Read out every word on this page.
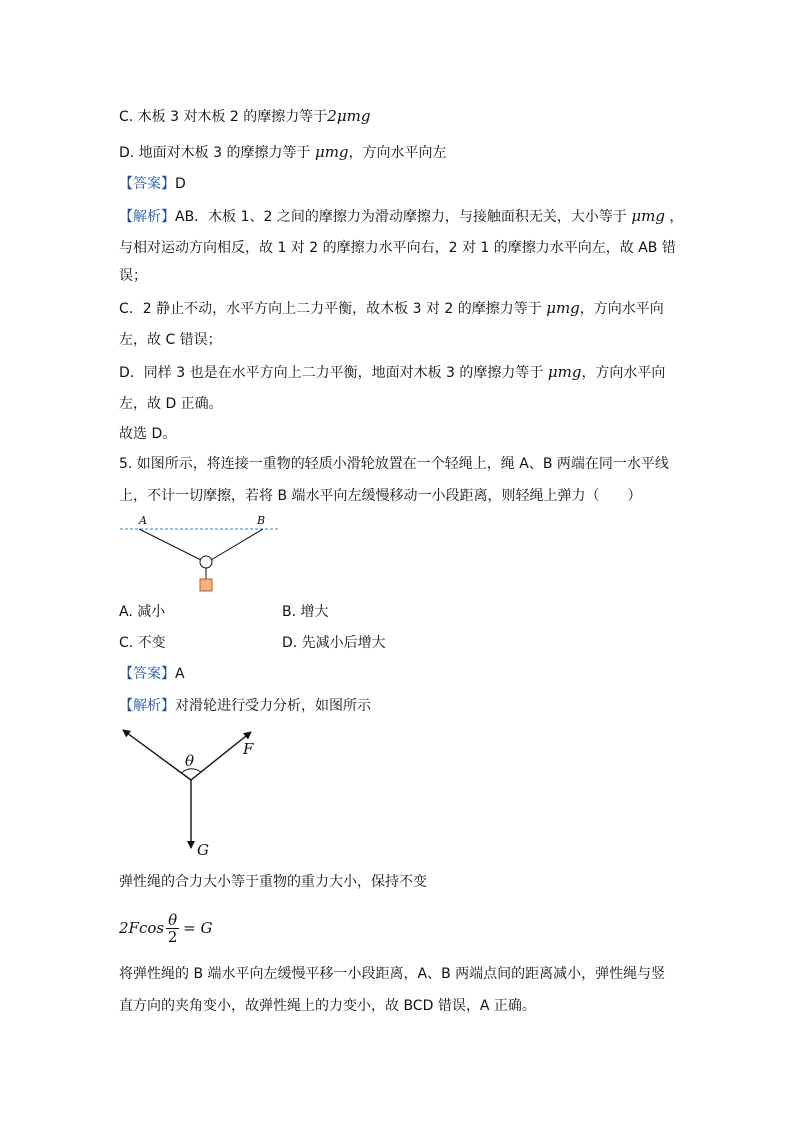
C. 木板 3 对木板 2 的摩擦力等于2μmg
D. 地面对木板 3 的摩擦力等于 μmg，方向水平向左
【答案】D
【解析】AB．木板 1、2 之间的摩擦力为滑动摩擦力，与接触面积无关，大小等于 μmg ，
与相对运动方向相反，故 1 对 2 的摩擦力水平向右，2 对 1 的摩擦力水平向左，故 AB 错
误；
C．2 静止不动，水平方向上二力平衡，故木板 3 对 2 的摩擦力等于 μmg，方向水平向
左，故 C 错误；
D．同样 3 也是在水平方向上二力平衡，地面对木板 3 的摩擦力等于 μmg，方向水平向
左，故 D 正确。
故选 D。
5. 如图所示，将连接一重物的轻质小滑轮放置在一个轻绳上，绳 A、B 两端在同一水平线
上，不计一切摩擦，若将 B 端水平向左缓慢移动一小段距离，则轻绳上弹力（　　）
A	B
A. 减小	B. 增大
C. 不变	D. 先减小后增大
【答案】A
【解析】对滑轮进行受力分析，如图所示
θ
F
G
弹性绳的合力大小等于重物的重力大小，保持不变
$2Fcos \frac{\theta}{2} = G$
将弹性绳的 B 端水平向左缓慢平移一小段距离，A、B 两端点间的距离减小，弹性绳与竖
直方向的夹角变小，故弹性绳上的力变小，故 BCD 错误，A 正确。
